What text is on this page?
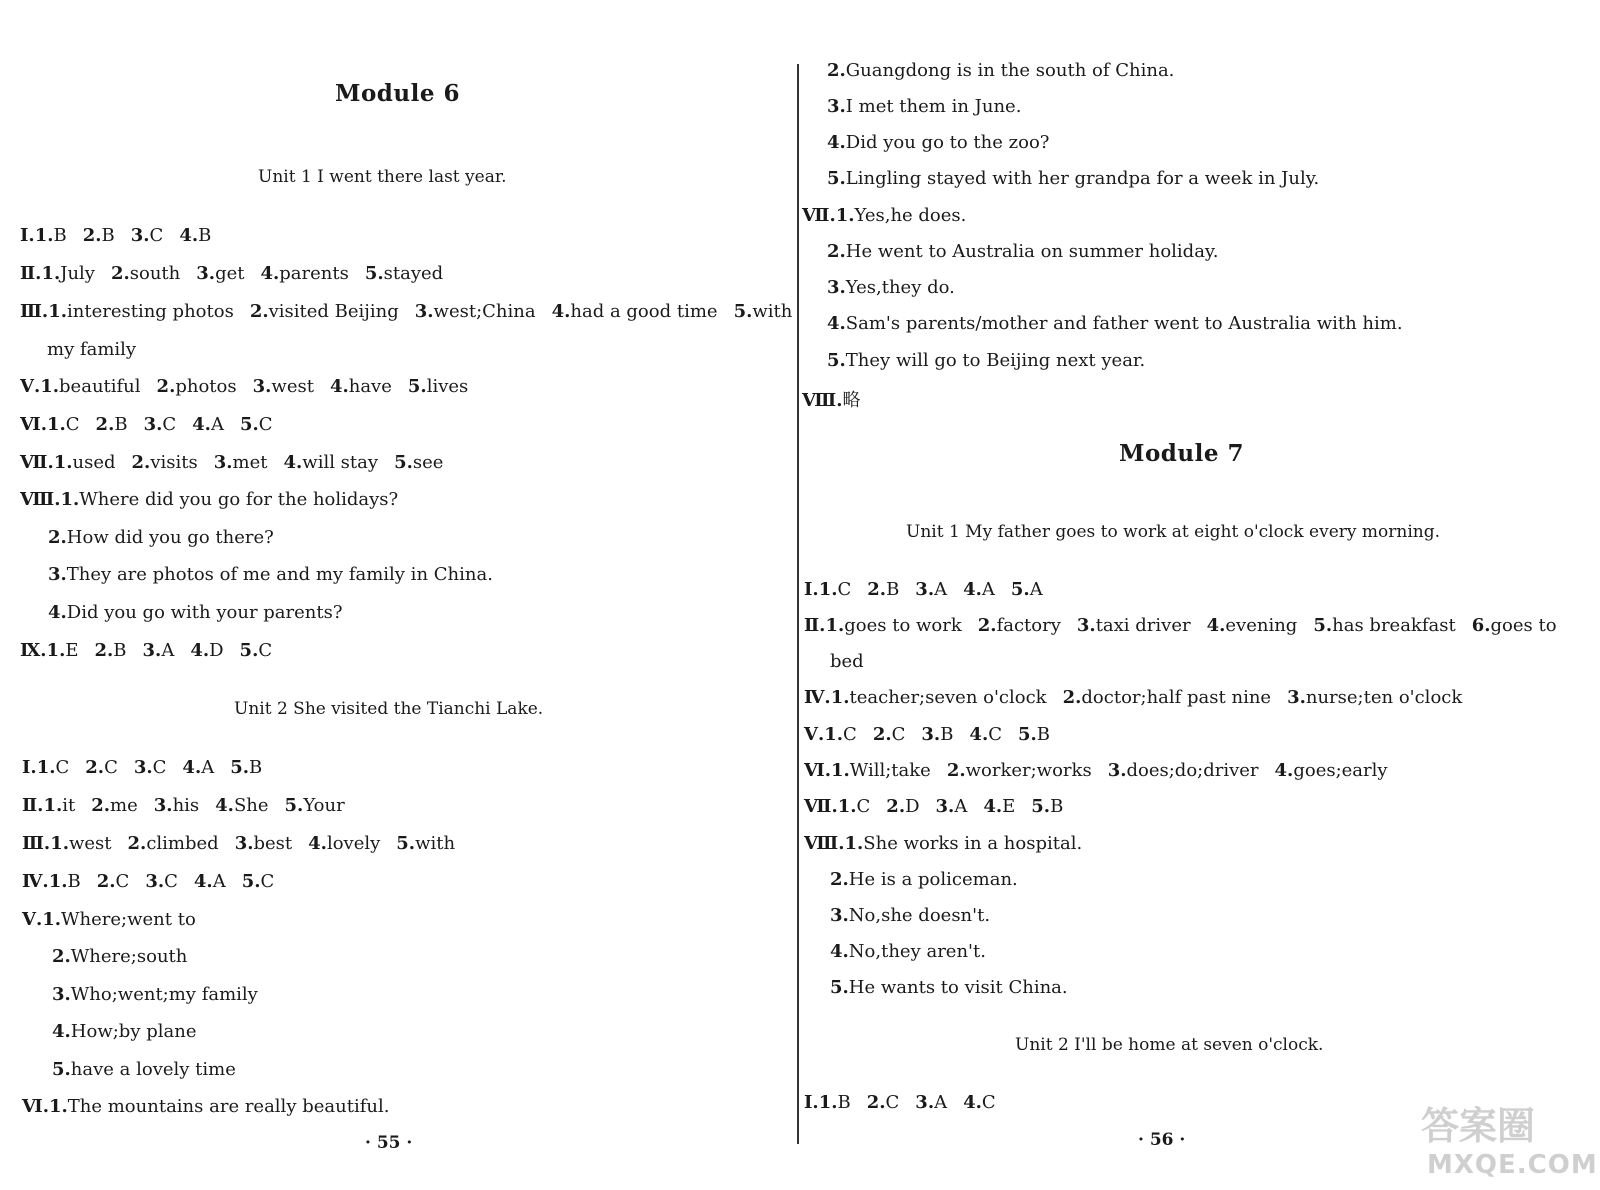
Module 6
Unit 1 I went there last year.
Ⅰ.1.B 2.B 3.C 4.B
Ⅱ.1.July 2.south 3.get 4.parents 5.stayed
Ⅲ.1.interesting photos 2.visited Beijing 3.west;China 4.had a good time 5.with
my family
Ⅴ.1.beautiful 2.photos 3.west 4.have 5.lives
Ⅵ.1.C 2.B 3.C 4.A 5.C
Ⅶ.1.used 2.visits 3.met 4.will stay 5.see
Ⅷ.1.Where did you go for the holidays?
2.How did you go there?
3.They are photos of me and my family in China.
4.Did you go with your parents?
Ⅸ.1.E 2.B 3.A 4.D 5.C
Unit 2 She visited the Tianchi Lake.
Ⅰ.1.C 2.C 3.C 4.A 5.B
Ⅱ.1.it 2.me 3.his 4.She 5.Your
Ⅲ.1.west 2.climbed 3.best 4.lovely 5.with
Ⅳ.1.B 2.C 3.C 4.A 5.C
Ⅴ.1.Where;went to
2.Where;south
3.Who;went;my family
4.How;by plane
5.have a lovely time
Ⅵ.1.The mountains are really beautiful.
· 55 ·
2.Guangdong is in the south of China.
3.I met them in June.
4.Did you go to the zoo?
5.Lingling stayed with her grandpa for a week in July.
Ⅶ.1.Yes,he does.
2.He went to Australia on summer holiday.
3.Yes,they do.
4.Sam's parents/mother and father went to Australia with him.
5.They will go to Beijing next year.
Ⅷ.略
Module 7
Unit 1 My father goes to work at eight o'clock every morning.
Ⅰ.1.C 2.B 3.A 4.A 5.A
Ⅱ.1.goes to work 2.factory 3.taxi driver 4.evening 5.has breakfast 6.goes to
bed
Ⅳ.1.teacher;seven o'clock 2.doctor;half past nine 3.nurse;ten o'clock
Ⅴ.1.C 2.C 3.B 4.C 5.B
Ⅵ.1.Will;take 2.worker;works 3.does;do;driver 4.goes;early
Ⅶ.1.C 2.D 3.A 4.E 5.B
Ⅷ.1.She works in a hospital.
2.He is a policeman.
3.No,she doesn't.
4.No,they aren't.
5.He wants to visit China.
Unit 2 I'll be home at seven o'clock.
Ⅰ.1.B 2.C 3.A 4.C
· 56 ·	答案圈
MXQE.COM
